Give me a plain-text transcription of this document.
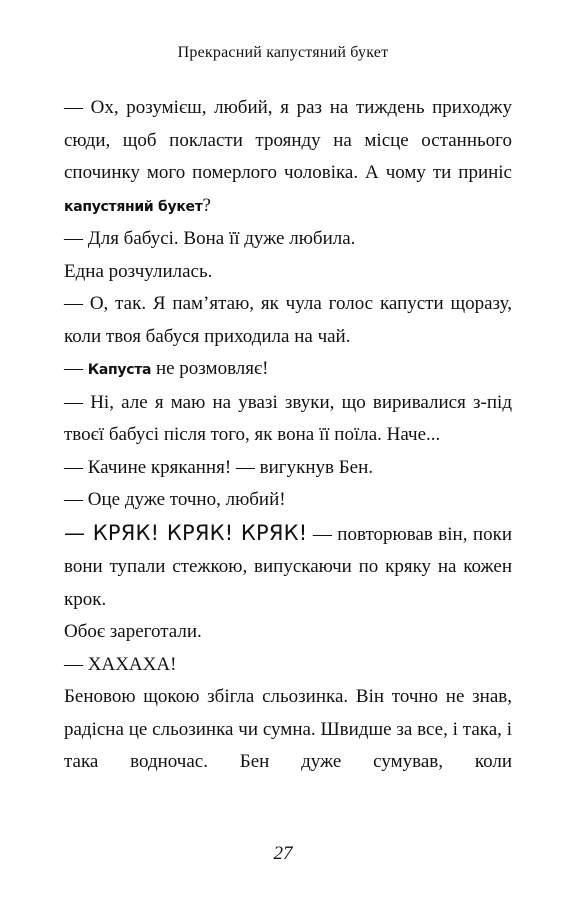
Прекрасний капустяний букет

— Ох, розумієш, любий, я раз на тиждень приходжу сюди, щоб покласти троянду на місце останнього спочинку мого померлого чоловіка. А чому ти приніс капустяний букет?

— Для бабусі. Вона її дуже любила.

Една розчулилась.

— О, так. Я пам’ятаю, як чула голос капусти щоразу, коли твоя бабуся приходила на чай.

— Капуста не розмовляє!

— Ні, але я маю на увазі звуки, що виривалися з-під твоєї бабусі після того, як вона її поїла. Наче...

— Качине крякання! — вигукнув Бен.

— Оце дуже точно, любий!

— КРЯК! КРЯК! КРЯК! — повторював він, поки вони тупали стежкою, випускаючи по кряку на кожен крок.

Обоє зареготали.

— ХАХАХА!

Беновою щокою збігла сльозинка. Він точно не знав, радісна це сльозинка чи сумна. Швидше за все, і така, і така водночас. Бен дуже сумував, коли

27
